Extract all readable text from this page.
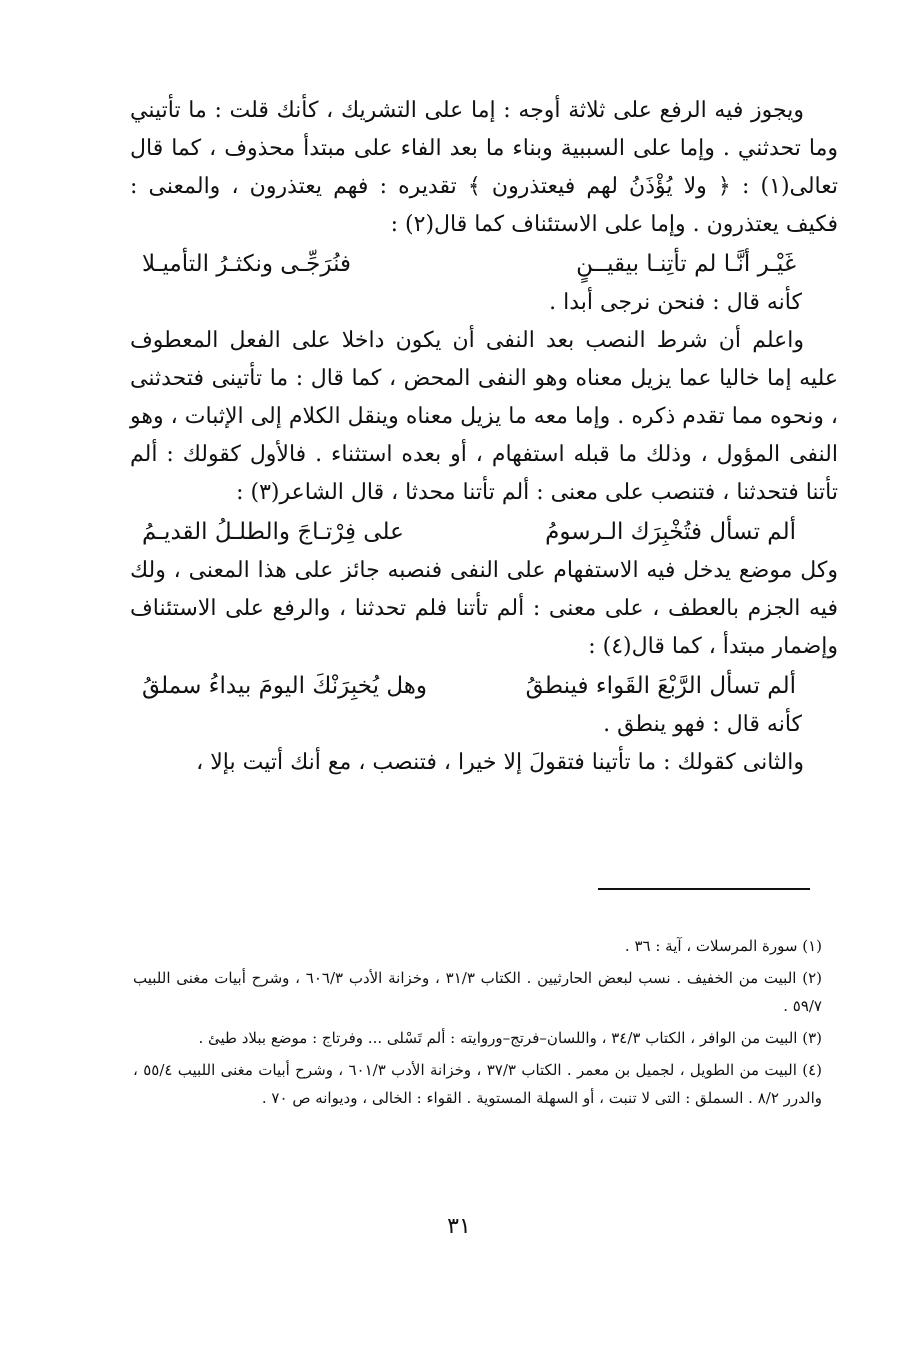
ويجوز فيه الرفع على ثلاثة أوجه : إما على التشريك ، كأنك قلت : ما تأتيني وما تحدثني . وإما على السببية وبناء ما بعد الفاء على مبتدأ محذوف ، كما قال تعالى(١) : ﴿ ولا يُؤْذَنُ لهم فيعتذرون ﴾ تقديره : فهم يعتذرون ، والمعنى : فكيف يعتذرون . وإما على الاستئناف كما قال(٢) :

غَيْـر أنَّـا لم تأتِنـا بيقيــنٍ
فنُرَجِّـى ونكثـرُ التأميـلا

كأنه قال : فنحن نرجى أبدا .

واعلم أن شرط النصب بعد النفى أن يكون داخلا على الفعل المعطوف عليه إما خاليا عما يزيل معناه وهو النفى المحض ، كما قال : ما تأتينى فتحدثنى ، ونحوه مما تقدم ذكره . وإما معه ما يزيل معناه وينقل الكلام إلى الإثبات ، وهو النفى المؤول ، وذلك ما قبله استفهام ، أو بعده استثناء . فالأول كقولك : ألم تأتنا فتحدثنا ، فتنصب على معنى : ألم تأتنا محدثا ، قال الشاعر(٣) :

ألم تسأل فتُخْبِرَك الـرسومُ
على فِرْتـاجَ والطلـلُ القديـمُ

وكل موضع يدخل فيه الاستفهام على النفى فنصبه جائز على هذا المعنى ، ولك فيه الجزم بالعطف ، على معنى : ألم تأتنا فلم تحدثنا ، والرفع على الاستئناف وإضمار مبتدأ ، كما قال(٤) :

ألم تسأل الرَّبْعَ القَواء فينطقُ
وهل يُخبِرَنْكَ اليومَ بيداءُ سملقُ

كأنه قال : فهو ينطق .

والثانى كقولك : ما تأتينا فتقولَ إلا خيرا ، فتنصب ، مع أنك أتيت بإلا ،

(١) سورة المرسلات ، آية : ٣٦ .

(٢) البيت من الخفيف . نسب لبعض الحارثيين . الكتاب ٣١/٣ ، وخزانة الأدب ٦٠٦/٣ ، وشرح أبيات مغنى اللبيب ٥٩/٧ .

(٣) البيت من الوافر ، الكتاب ٣٤/٣ ، واللسان–فرتج–وروايته : ألم تَسْلى ... وفرتاج : موضع ببلاد طيئ .

(٤) البيت من الطويل ، لجميل بن معمر . الكتاب ٣٧/٣ ، وخزانة الأدب ٦٠١/٣ ، وشرح أبيات مغنى اللبيب ٥٥/٤ ، والدرر ٨/٢ . السملق : التى لا تنبت ، أو السهلة المستوية . القواء : الخالى ، وديوانه ص ٧٠ .

٣١
